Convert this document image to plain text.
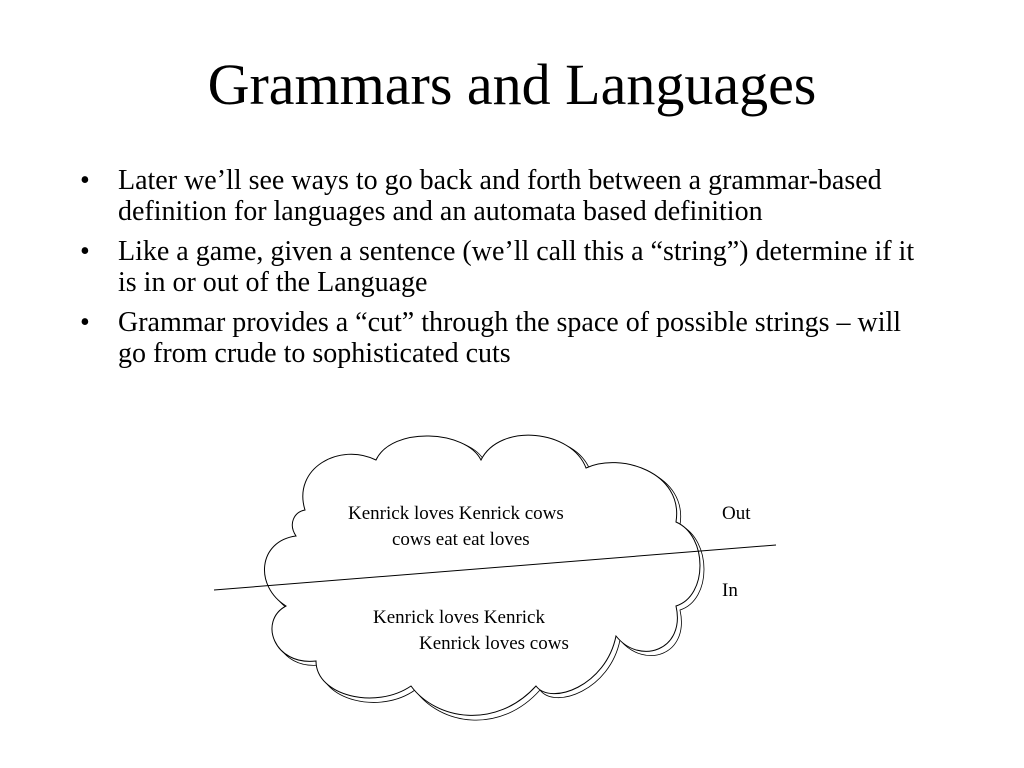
Grammars and Languages
• Later we’ll see ways to go back and forth between a grammar-based definition for languages and an automata based definition
• Like a game, given a sentence (we’ll call this a “string”) determine if it is in or out of the Language
• Grammar provides a “cut” through the space of possible strings – will go from crude to sophisticated cuts
Kenrick loves Kenrick cows
cows eat eat loves
Kenrick loves Kenrick
Kenrick loves cows
Out
In
